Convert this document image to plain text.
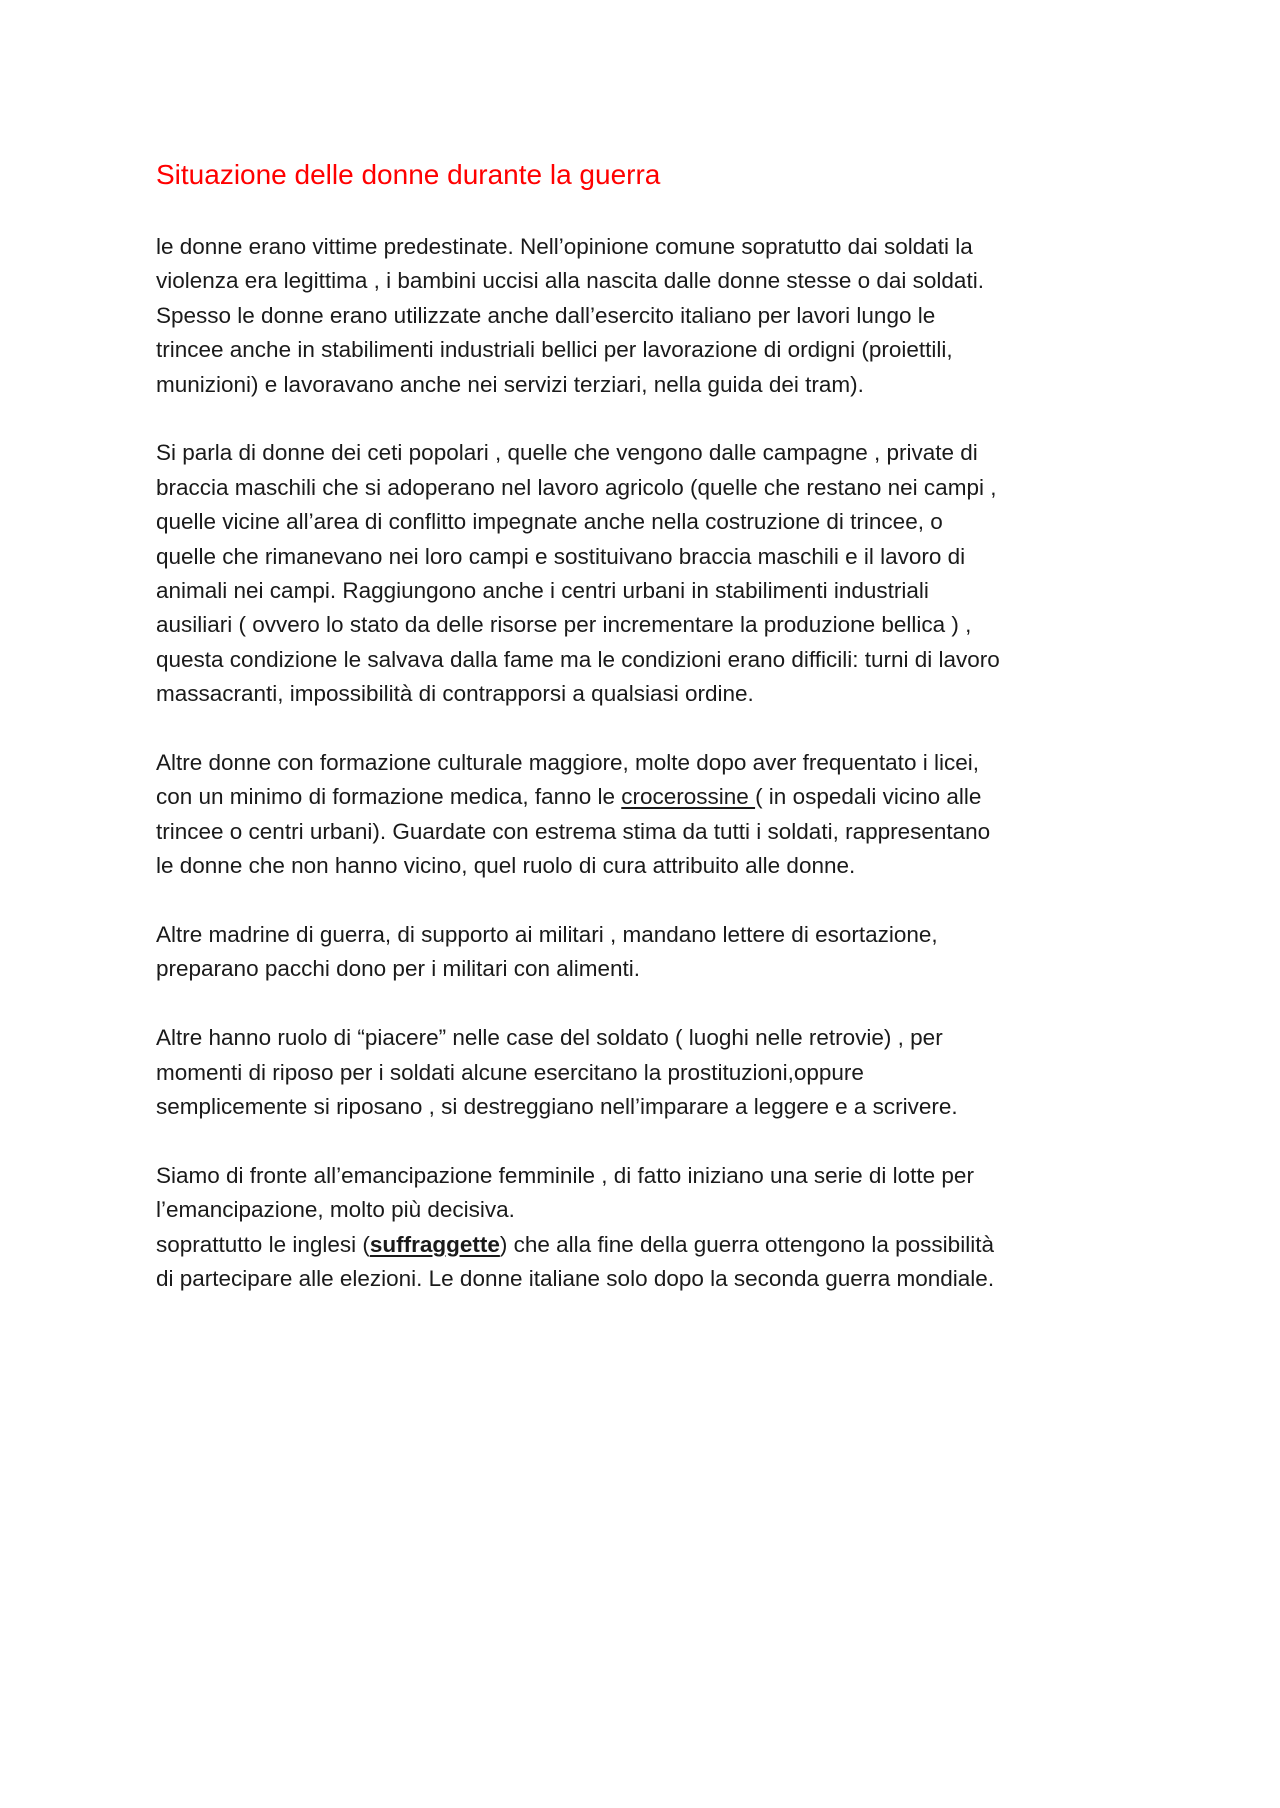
Situazione delle donne durante la guerra

le donne erano vittime predestinate. Nell’opinione comune sopratutto dai soldati la
violenza era legittima , i bambini uccisi alla nascita dalle donne stesse o dai soldati.
Spesso le donne erano utilizzate anche dall’esercito italiano per lavori lungo le
trincee anche in stabilimenti industriali bellici per lavorazione di ordigni (proiettili,
munizioni) e lavoravano anche nei servizi terziari, nella guida dei tram).

Si parla di donne dei ceti popolari , quelle che vengono dalle campagne , private di
braccia maschili che si adoperano nel lavoro agricolo (quelle che restano nei campi ,
quelle vicine all’area di conflitto impegnate anche nella costruzione di trincee, o
quelle che rimanevano nei loro campi e sostituivano braccia maschili e il lavoro di
animali nei campi. Raggiungono anche i centri urbani in stabilimenti industriali
ausiliari ( ovvero lo stato da delle risorse per incrementare la produzione bellica ) ,
questa condizione le salvava dalla fame ma le condizioni erano difficili: turni di lavoro
massacranti, impossibilità di contrapporsi a qualsiasi ordine.

Altre donne con formazione culturale maggiore, molte dopo aver frequentato i licei,
con un minimo di formazione medica, fanno le crocerossine ( in ospedali vicino alle
trincee o centri urbani). Guardate con estrema stima da tutti i soldati, rappresentano
le donne che non hanno vicino, quel ruolo di cura attribuito alle donne.

Altre madrine di guerra, di supporto ai militari , mandano lettere di esortazione,
preparano pacchi dono per i militari con alimenti.

Altre hanno ruolo di “piacere” nelle case del soldato ( luoghi nelle retrovie) , per
momenti di riposo per i soldati alcune esercitano la prostituzioni,oppure
semplicemente si riposano , si destreggiano nell’imparare a leggere e a scrivere.

Siamo di fronte all’emancipazione femminile , di fatto iniziano una serie di lotte per
l’emancipazione, molto più decisiva.
soprattutto le inglesi (suffraggette) che alla fine della guerra ottengono la possibilità
di partecipare alle elezioni. Le donne italiane solo dopo la seconda guerra mondiale.
